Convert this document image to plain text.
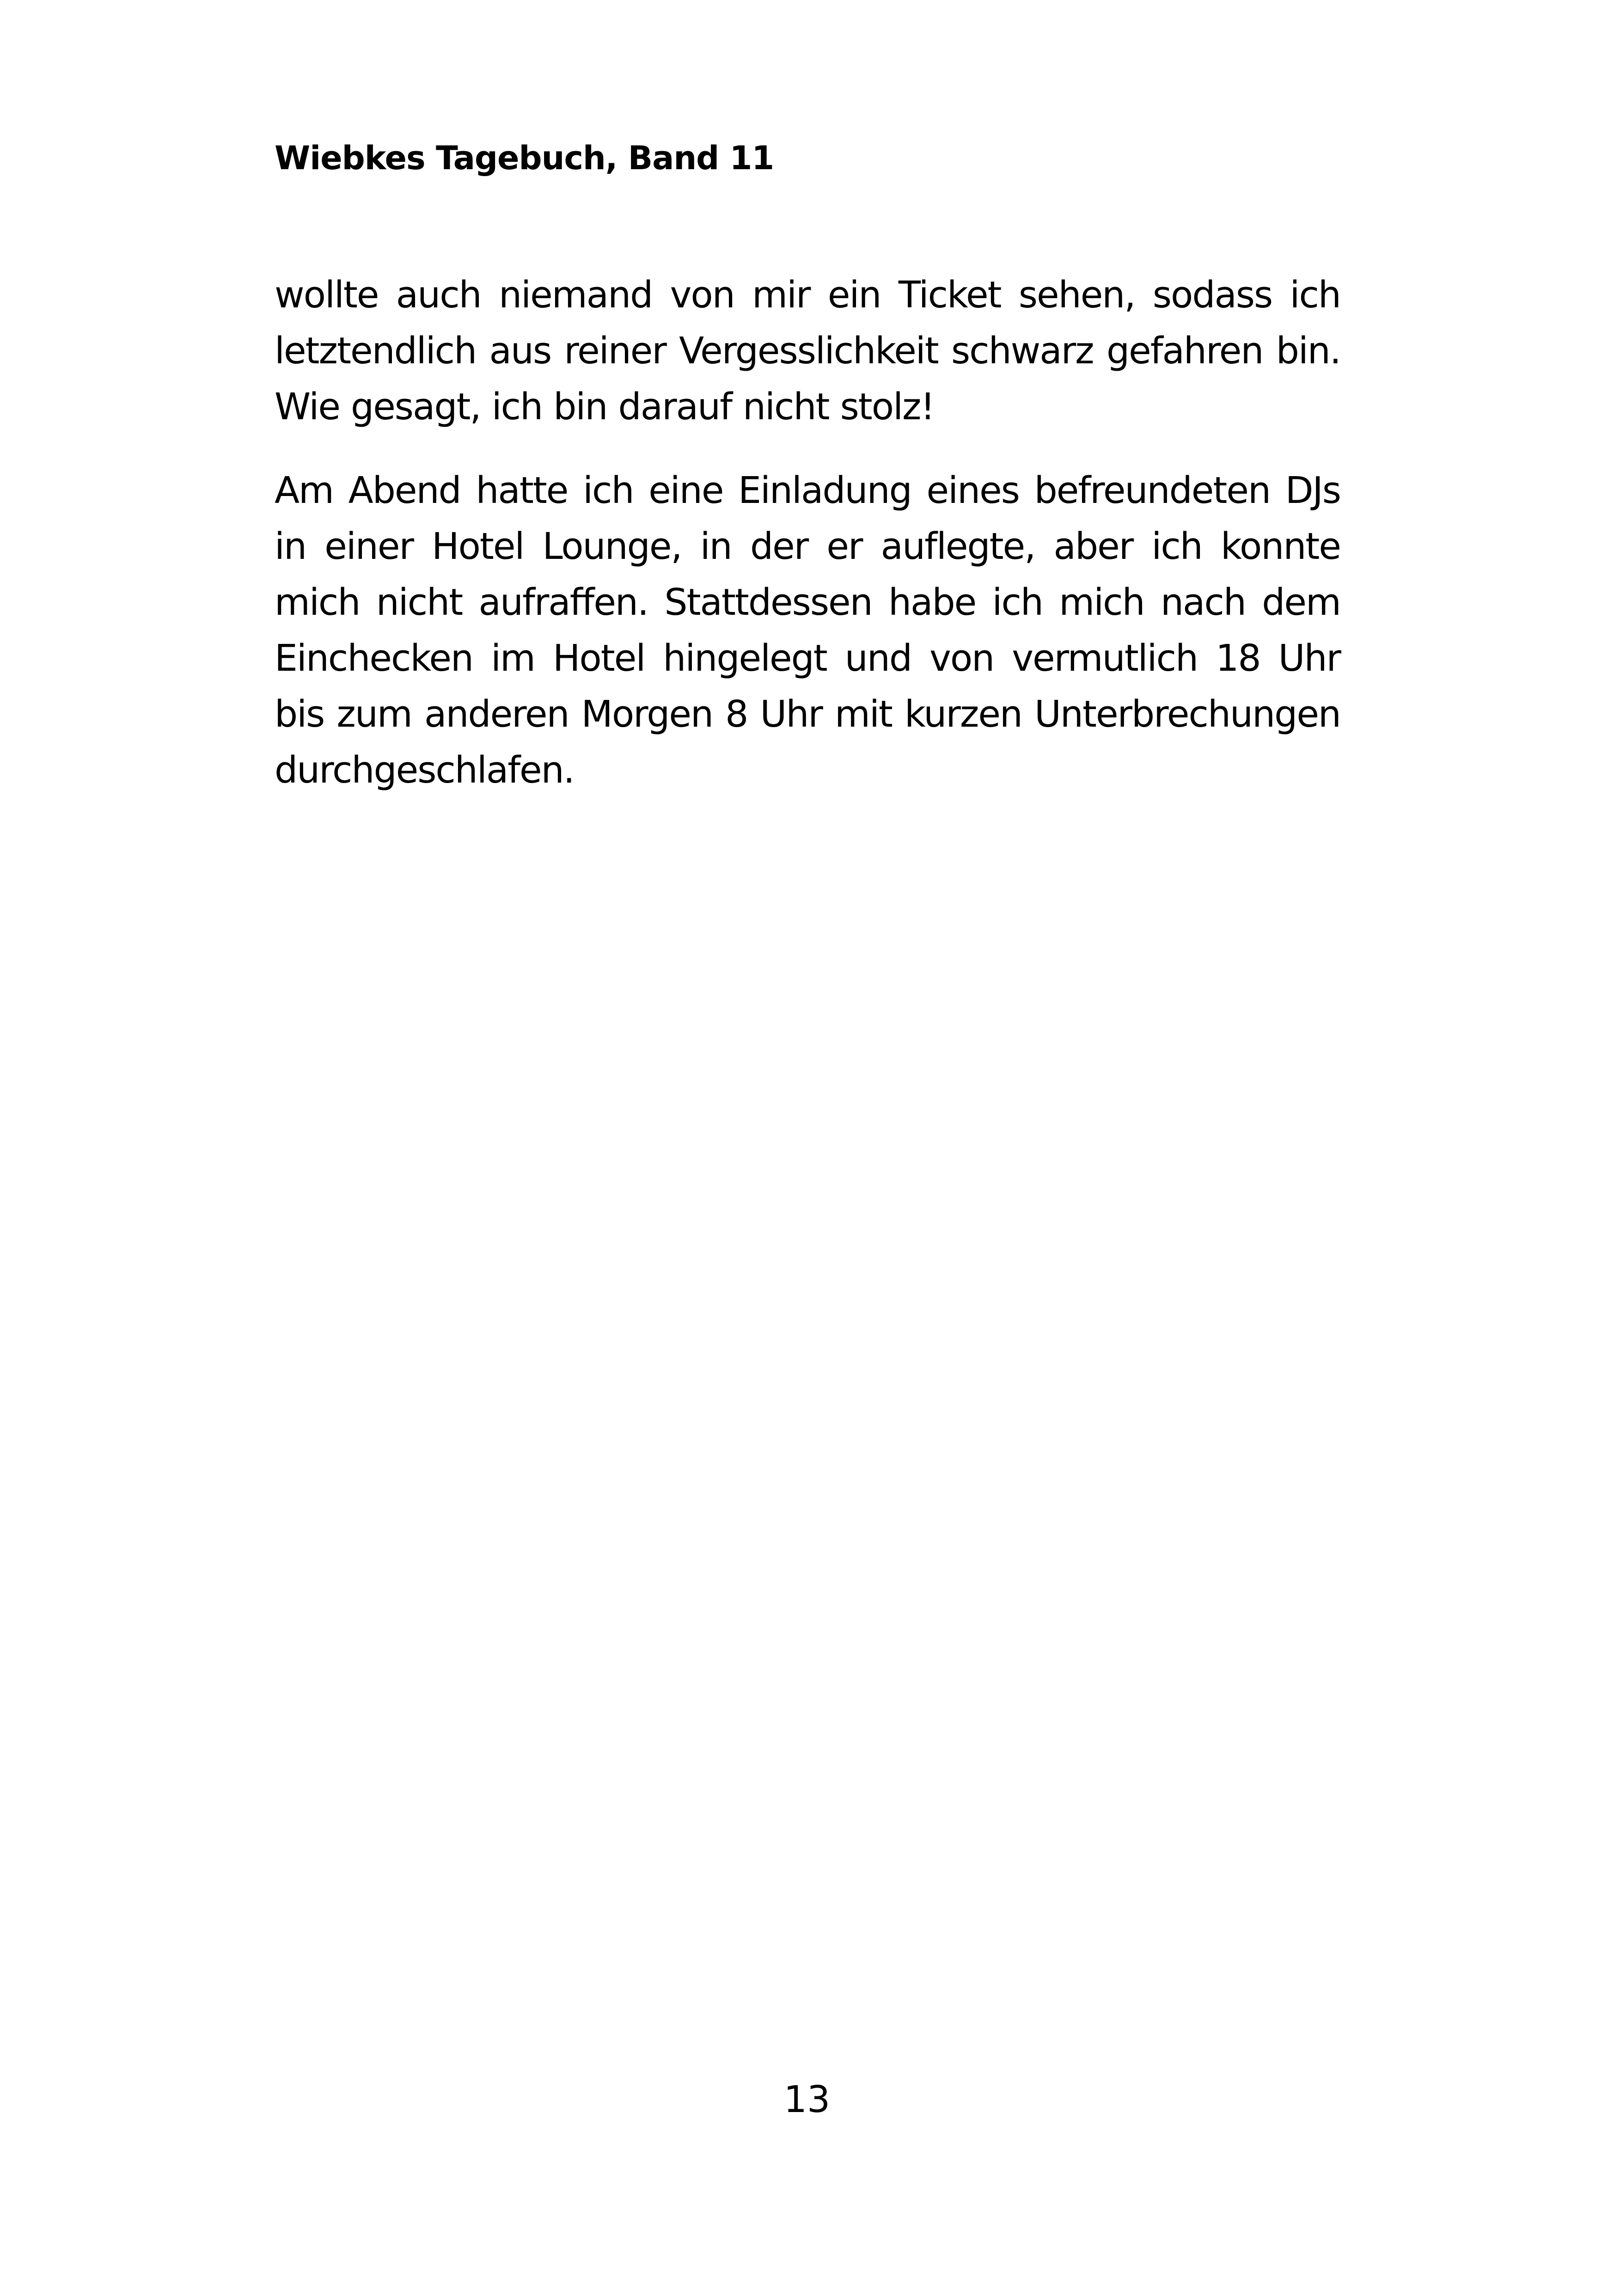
Wiebkes Tagebuch, Band 11

wollte auch niemand von mir ein Ticket sehen, sodass ich letztendlich aus reiner Vergesslichkeit schwarz gefahren bin. Wie gesagt, ich bin darauf nicht stolz!

Am Abend hatte ich eine Einladung eines befreundeten DJs in einer Hotel Lounge, in der er auflegte, aber ich konnte mich nicht aufraffen. Stattdessen habe ich mich nach dem Einchecken im Hotel hingelegt und von vermutlich 18 Uhr bis zum anderen Morgen 8 Uhr mit kurzen Unterbrechungen durchgeschlafen.

13
